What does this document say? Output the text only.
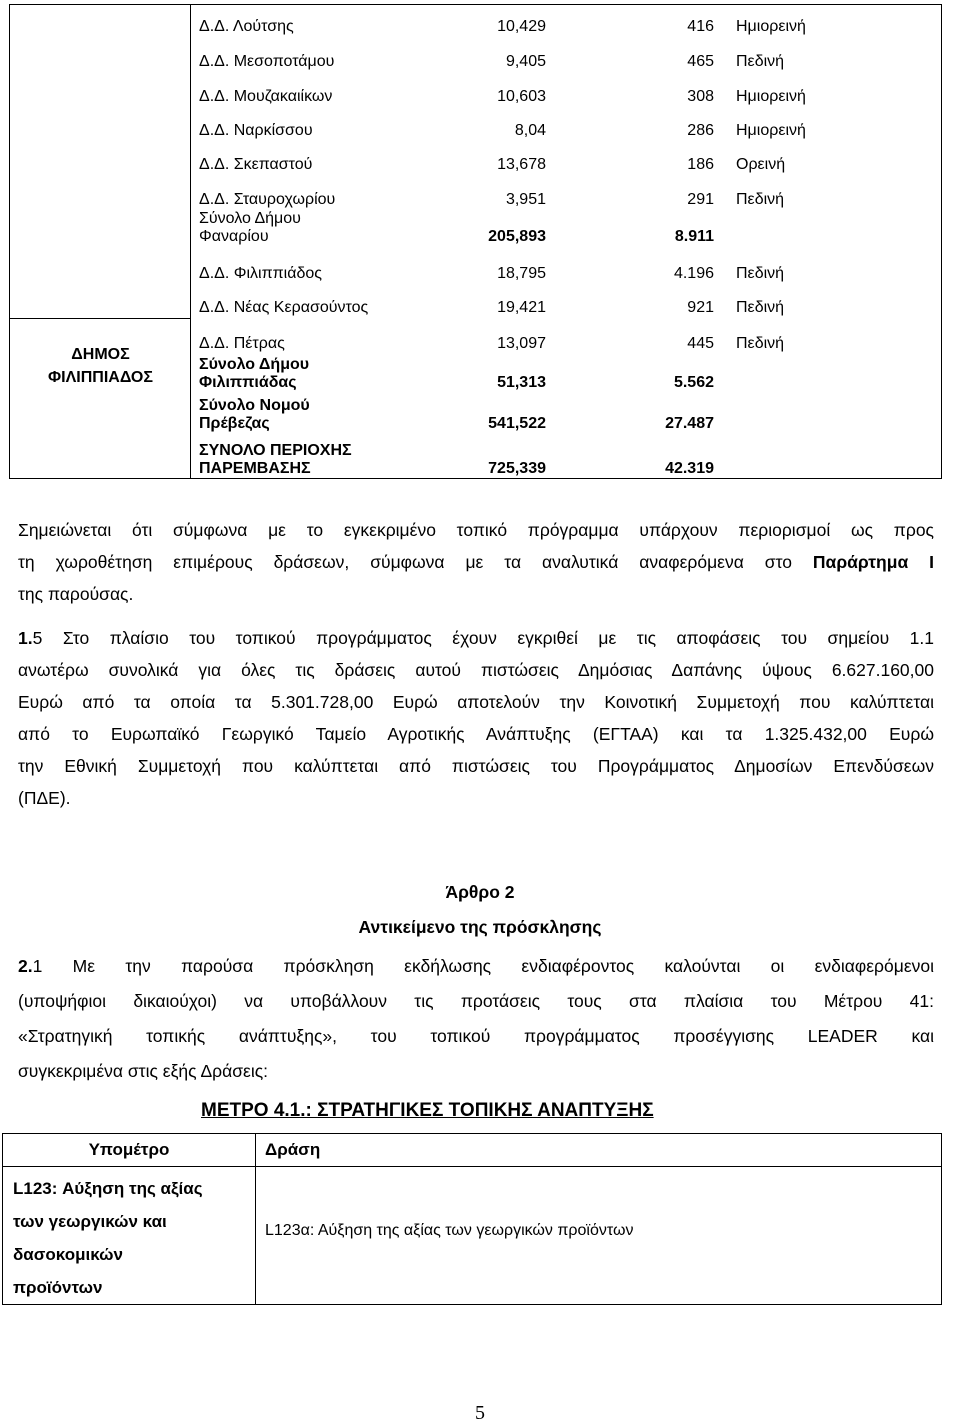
ΔΗΜΟΣ
ΦΙΛΙΠΠΙΑΔΟΣ
Δ.Δ. Λούτσης	10,429	416 Ημιορεινή
Δ.Δ. Μεσοποτάμου	9,405	465 Πεδινή
Δ.Δ. Μουζακαιίκων	10,603	308 Ημιορεινή
Δ.Δ. Ναρκίσσου	8,04	286 Ημιορεινή
Δ.Δ. Σκεπαστού	13,678	186 Ορεινή
Δ.Δ. Σταυροχωρίου	3,951	291 Πεδινή
Σύνολο Δήμου
Φαναρίου	205,893	8.911
Δ.Δ. Φιλιππιάδος	18,795	4.196 Πεδινή
Δ.Δ. Νέας Κερασούντος	19,421	921 Πεδινή
Δ.Δ. Πέτρας	13,097	445 Πεδινή
Σύνολο Δήμου
Φιλιππιάδας	51,313	5.562
Σύνολο Νομού
Πρέβεζας	541,522	27.487
ΣΥΝΟΛΟ ΠΕΡΙΟΧΗΣ
ΠΑΡΕΜΒΑΣΗΣ	725,339	42.319
Σημειώνεται ότι σύμφωνα με το εγκεκριμένο τοπικό πρόγραμμα υπάρχουν περιορισμοί ως προς
τη χωροθέτηση επιμέρους δράσεων, σύμφωνα με τα αναλυτικά αναφερόμενα στο Παράρτημα Ι
της παρούσας.
1.5 Στο πλαίσιο του τοπικού προγράμματος έχουν εγκριθεί με τις αποφάσεις του σημείου 1.1
ανωτέρω συνολικά για όλες τις δράσεις αυτού πιστώσεις Δημόσιας Δαπάνης ύψους 6.627.160,00
Ευρώ από τα οποία τα 5.301.728,00 Ευρώ αποτελούν την Κοινοτική Συμμετοχή που καλύπτεται
από το Ευρωπαϊκό Γεωργικό Ταμείο Αγροτικής Ανάπτυξης (ΕΓΤΑΑ) και τα 1.325.432,00 Ευρώ
την Εθνική Συμμετοχή που καλύπτεται από πιστώσεις του Προγράμματος Δημοσίων Επενδύσεων
(ΠΔΕ).
Άρθρο 2
Αντικείμενο της πρόσκλησης
2.1 Με την παρούσα πρόσκληση εκδήλωσης ενδιαφέροντος καλούνται οι ενδιαφερόμενοι
(υποψήφιοι δικαιούχοι) να υποβάλλουν τις προτάσεις τους στα πλαίσια του Μέτρου 41:
«Στρατηγική τοπικής ανάπτυξης», του τοπικού προγράμματος προσέγγισης LEADER και
συγκεκριμένα στις εξής Δράσεις:
ΜΕΤΡΟ 4.1.: ΣΤΡΑΤΗΓΙΚΕΣ ΤΟΠΙΚΗΣ ΑΝΑΠΤΥΞΗΣ
Υπομέτρο	Δράση
L123: Αύξηση της αξίας
των γεωργικών και
δασοκομικών
προϊόντων
L123α: Αύξηση της αξίας των γεωργικών προϊόντων
5
